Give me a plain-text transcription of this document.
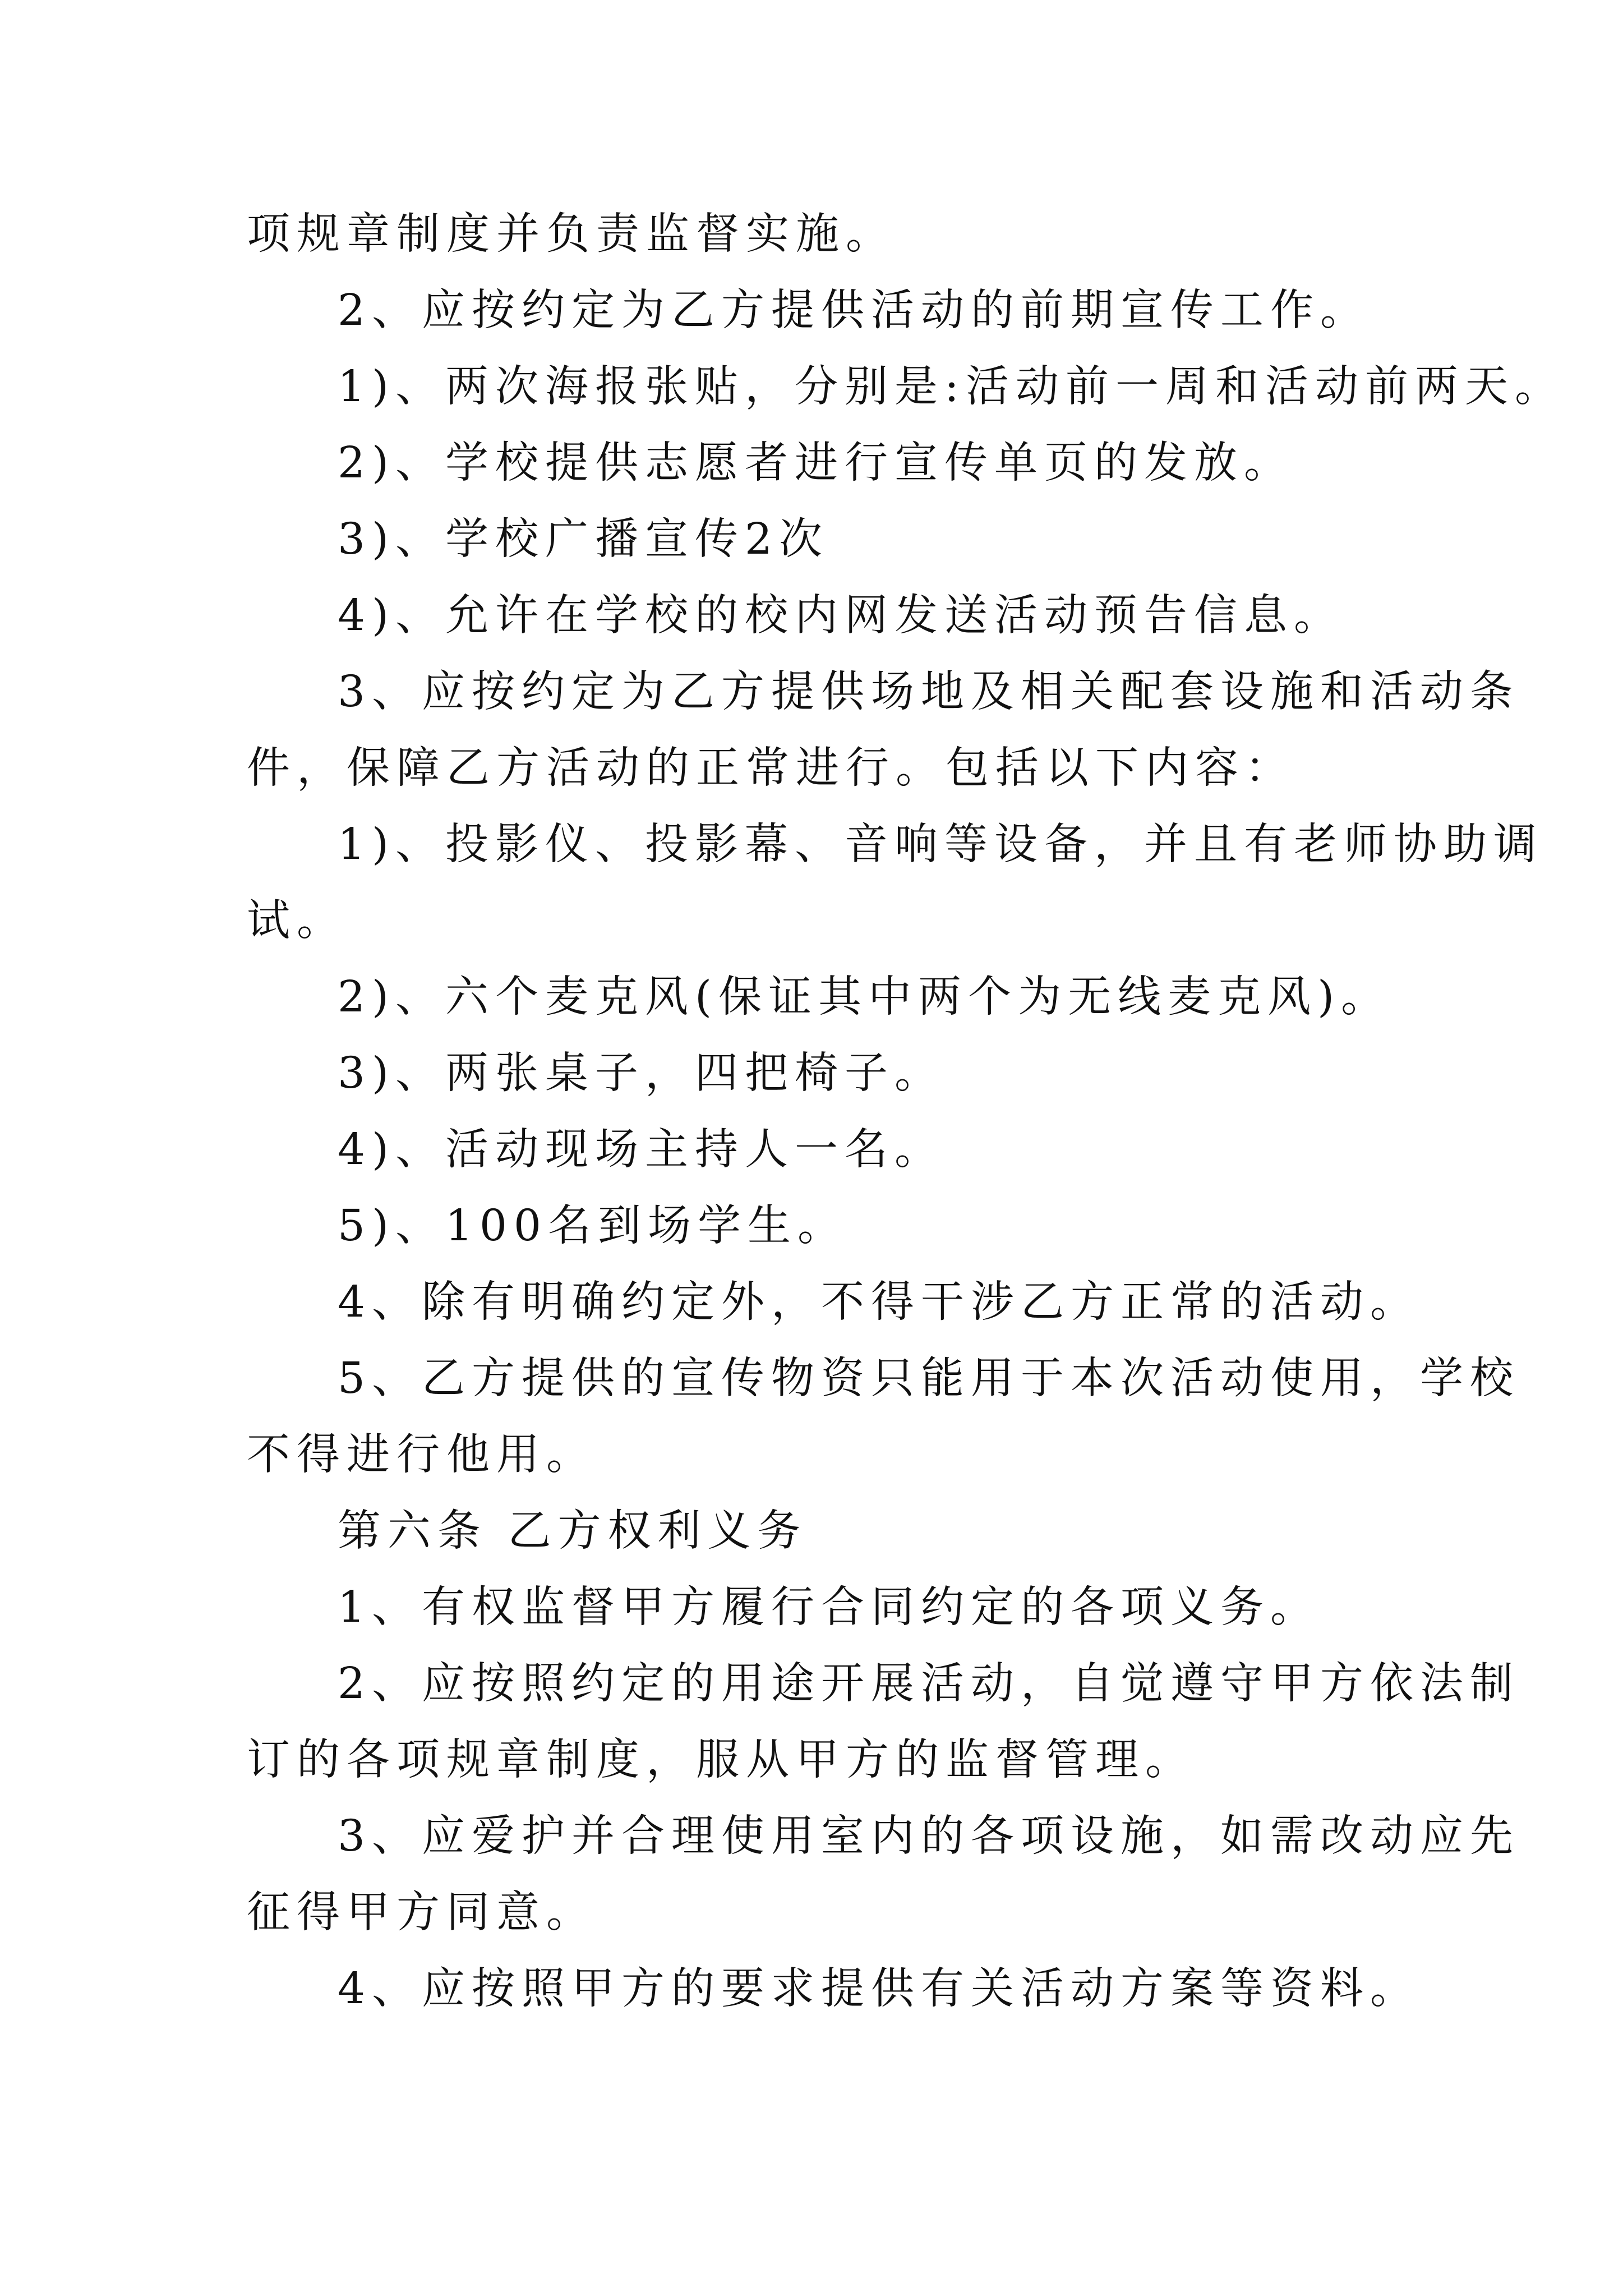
项规章制度并负责监督实施。

2、应按约定为乙方提供活动的前期宣传工作。

1)、两次海报张贴，分别是:活动前一周和活动前两天。

2)、学校提供志愿者进行宣传单页的发放。

3)、学校广播宣传2次

4)、允许在学校的校内网发送活动预告信息。

3、应按约定为乙方提供场地及相关配套设施和活动条

件，保障乙方活动的正常进行。包括以下内容：

1)、投影仪、投影幕、音响等设备，并且有老师协助调

试。

2)、六个麦克风(保证其中两个为无线麦克风)。

3)、两张桌子，四把椅子。

4)、活动现场主持人一名。

5)、100名到场学生。

4、除有明确约定外，不得干涉乙方正常的活动。

5、乙方提供的宣传物资只能用于本次活动使用，学校

不得进行他用。

第六条 乙方权利义务

1、有权监督甲方履行合同约定的各项义务。

2、应按照约定的用途开展活动，自觉遵守甲方依法制

订的各项规章制度，服从甲方的监督管理。

3、应爱护并合理使用室内的各项设施，如需改动应先

征得甲方同意。

4、应按照甲方的要求提供有关活动方案等资料。
